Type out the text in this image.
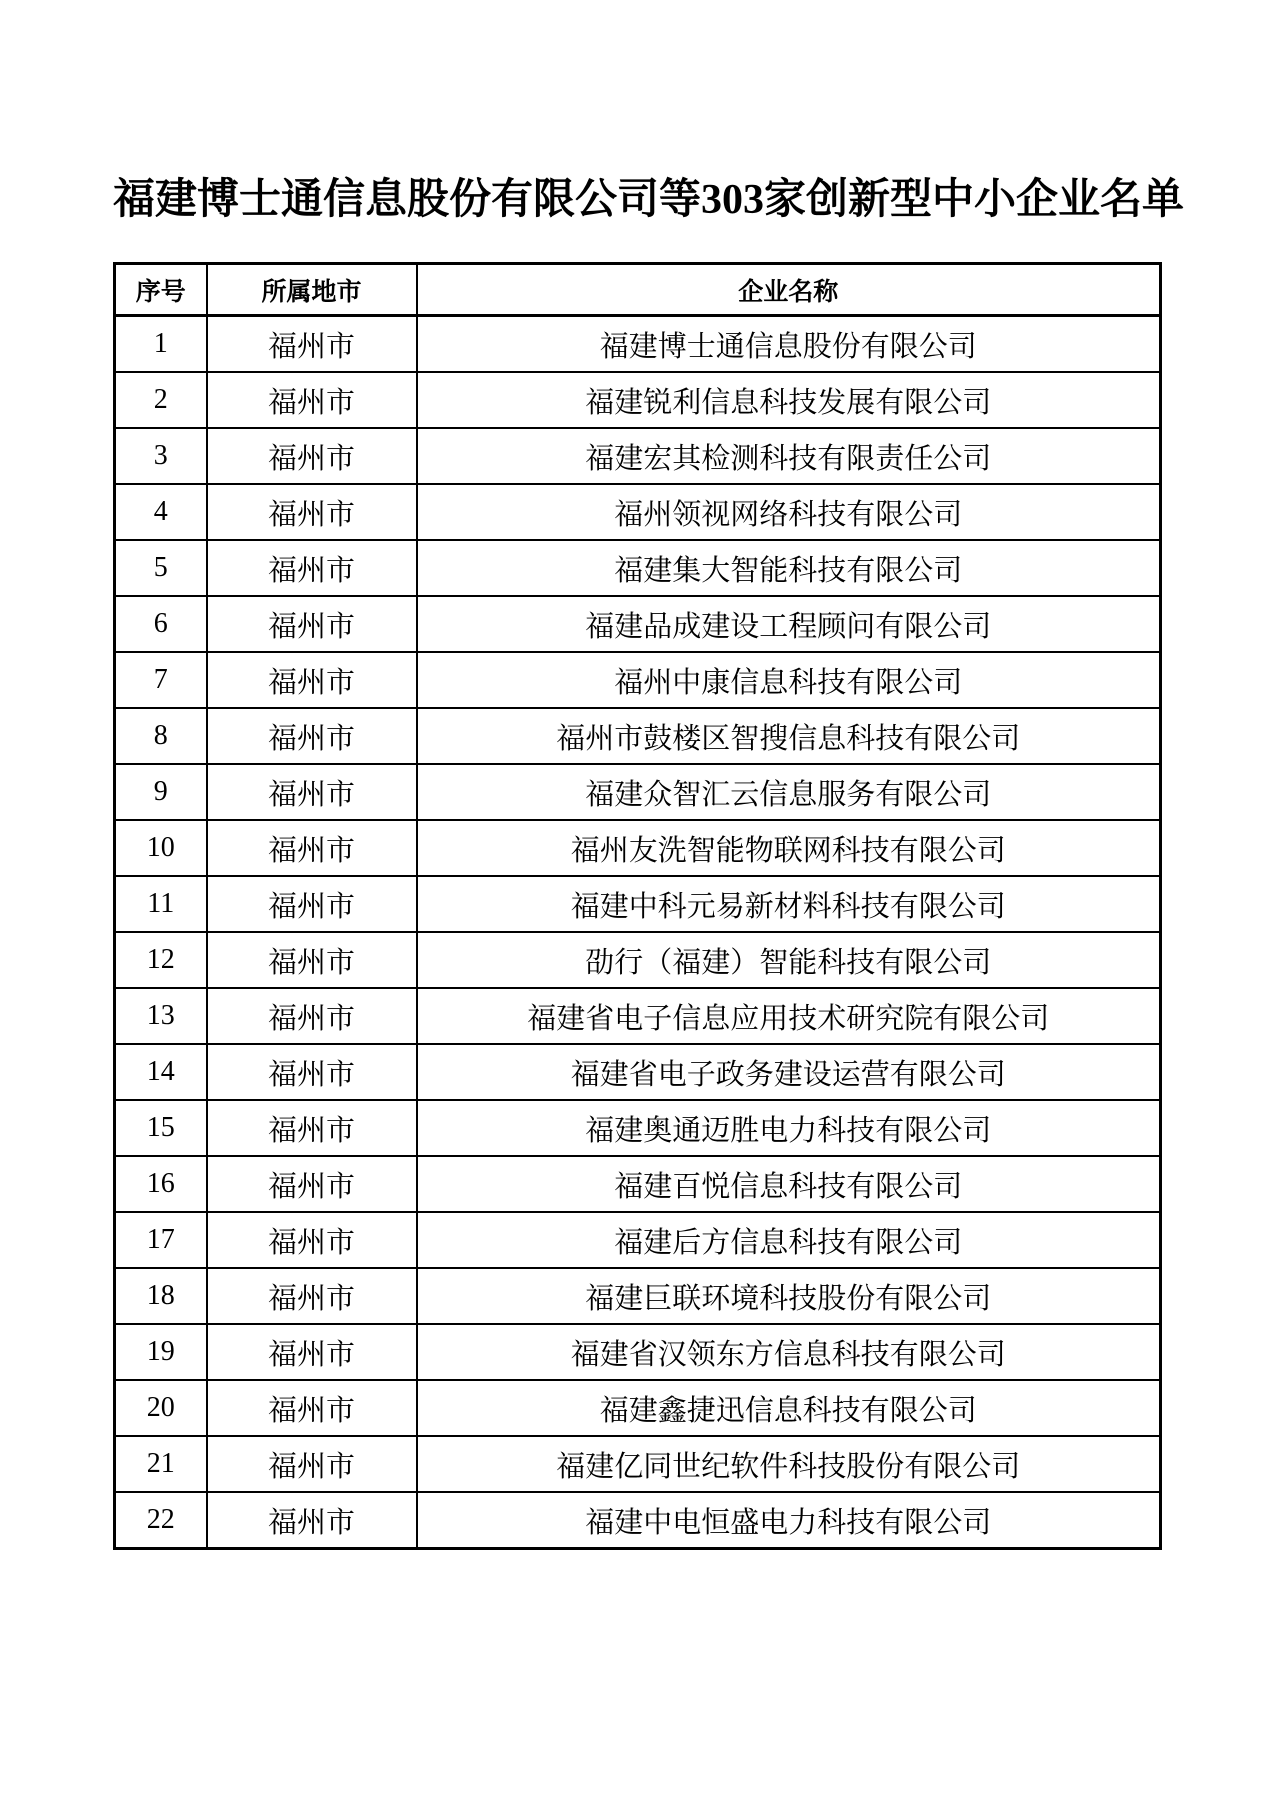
福建博士通信息股份有限公司等303家创新型中小企业名单
序号	所属地市	企业名称
1	福州市	福建博士通信息股份有限公司
2	福州市	福建锐利信息科技发展有限公司
3	福州市	福建宏其检测科技有限责任公司
4	福州市	福州领视网络科技有限公司
5	福州市	福建集大智能科技有限公司
6	福州市	福建品成建设工程顾问有限公司
7	福州市	福州中康信息科技有限公司
8	福州市	福州市鼓楼区智搜信息科技有限公司
9	福州市	福建众智汇云信息服务有限公司
10	福州市	福州友洗智能物联网科技有限公司
11	福州市	福建中科元易新材料科技有限公司
12	福州市	劭行（福建）智能科技有限公司
13	福州市	福建省电子信息应用技术研究院有限公司
14	福州市	福建省电子政务建设运营有限公司
15	福州市	福建奥通迈胜电力科技有限公司
16	福州市	福建百悦信息科技有限公司
17	福州市	福建后方信息科技有限公司
18	福州市	福建巨联环境科技股份有限公司
19	福州市	福建省汉领东方信息科技有限公司
20	福州市	福建鑫捷迅信息科技有限公司
21	福州市	福建亿同世纪软件科技股份有限公司
22	福州市	福建中电恒盛电力科技有限公司
